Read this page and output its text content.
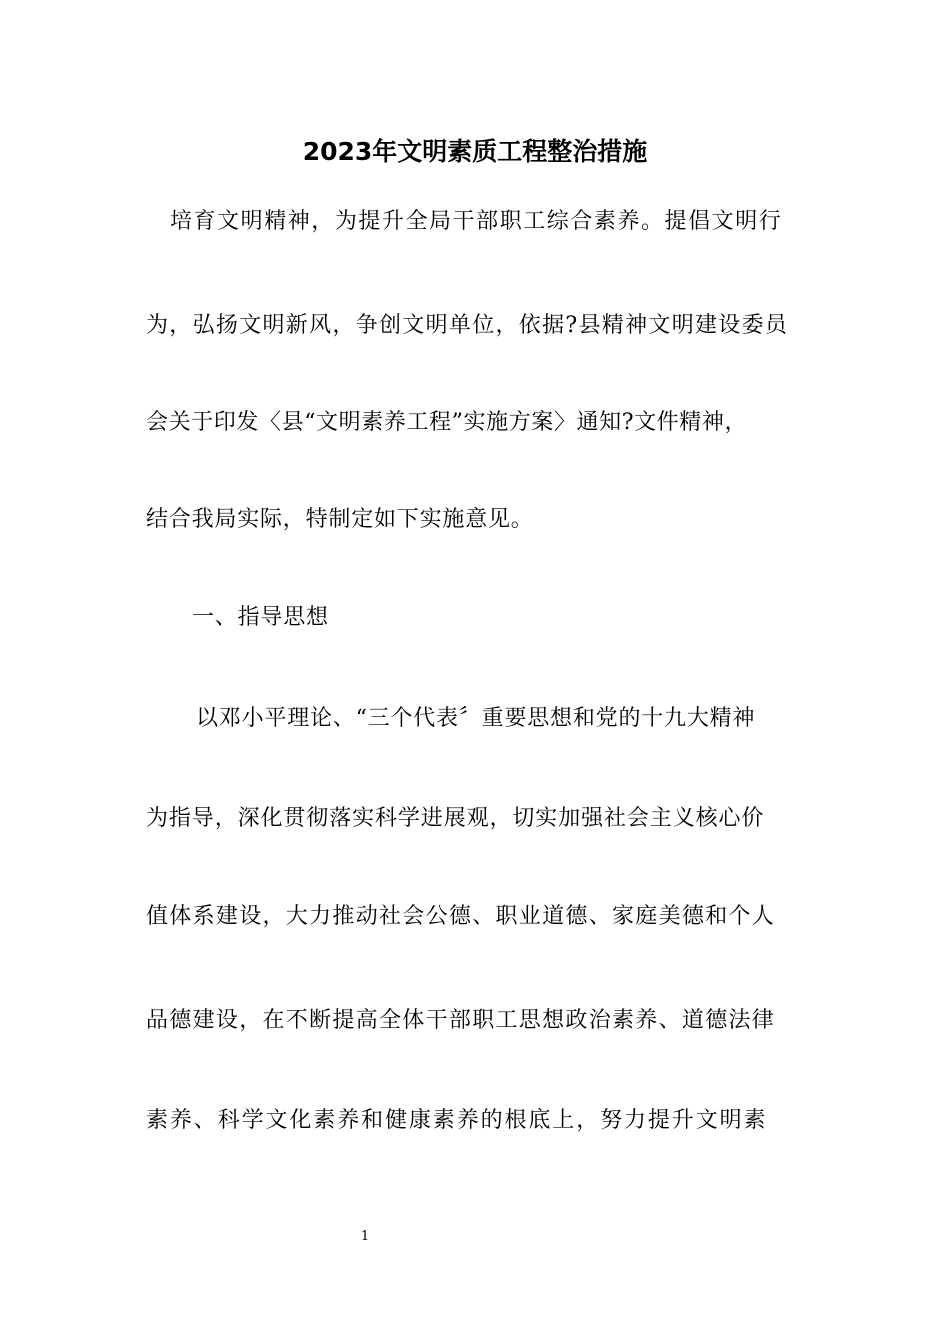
2023年文明素质工程整治措施

培育文明精神，为提升全局干部职工综合素养。提倡文明行

为，弘扬文明新风，争创文明单位，依据?县精神文明建设委员

会关于印发〈县“文明素养工程”实施方案〉通知?文件精神，

结合我局实际，特制定如下实施意见。

一、指导思想

以邓小平理论、“三个代表〞重要思想和党的十九大精神

为指导，深化贯彻落实科学进展观，切实加强社会主义核心价

值体系建设，大力推动社会公德、职业道德、家庭美德和个人

品德建设，在不断提高全体干部职工思想政治素养、道德法律

素养、科学文化素养和健康素养的根底上，努力提升文明素

1
